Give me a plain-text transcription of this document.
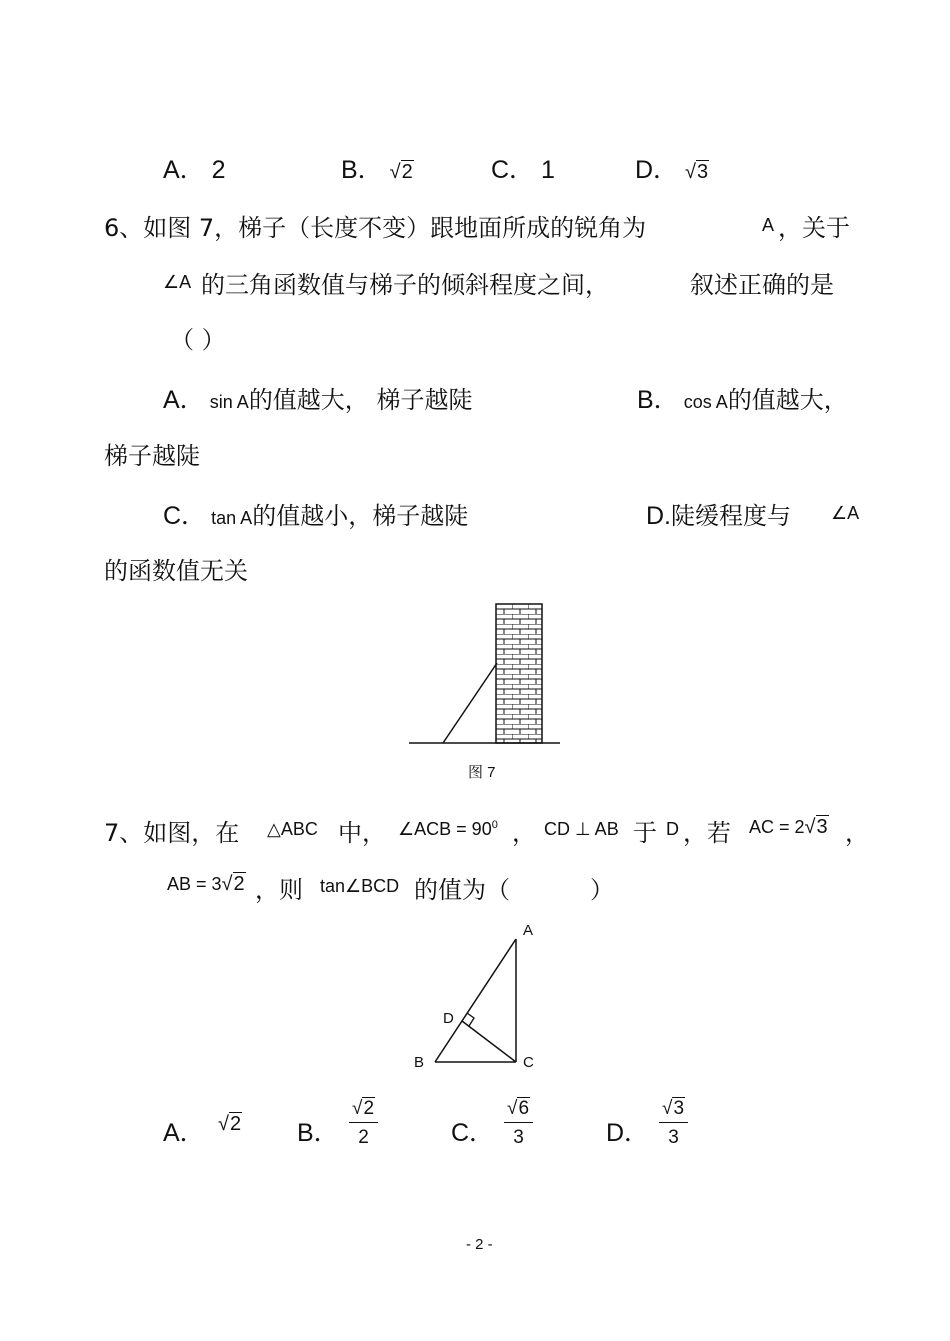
A． 2	B． √2	C． 1	D． √3
6、如图 7，梯子（长度不变）跟地面所成的锐角为	A ，关于
∠A 的三角函数值与梯子的倾斜程度之间，	叙述正确的是
（ ）
A． sin A的值越大， 梯子越陡	B． cos A的值越大，
梯子越陡
C． tan A的值越小，梯子越陡	D.陡缓程度与 ∠A
的函数值无关
图 7
7、如图，在 △ABC 中， ∠ACB = $90^0$ ， CD ⊥ AB 于 D ，若 AC = 2√3 ，
AB = 3√2 ，则 tan∠BCD 的值为（	）
A
D
B	C
A． √2 B． $\frac{√2}{2}$	C． $\frac{√6}{3}$	D． $\frac{√3}{3}$
- 2 -
